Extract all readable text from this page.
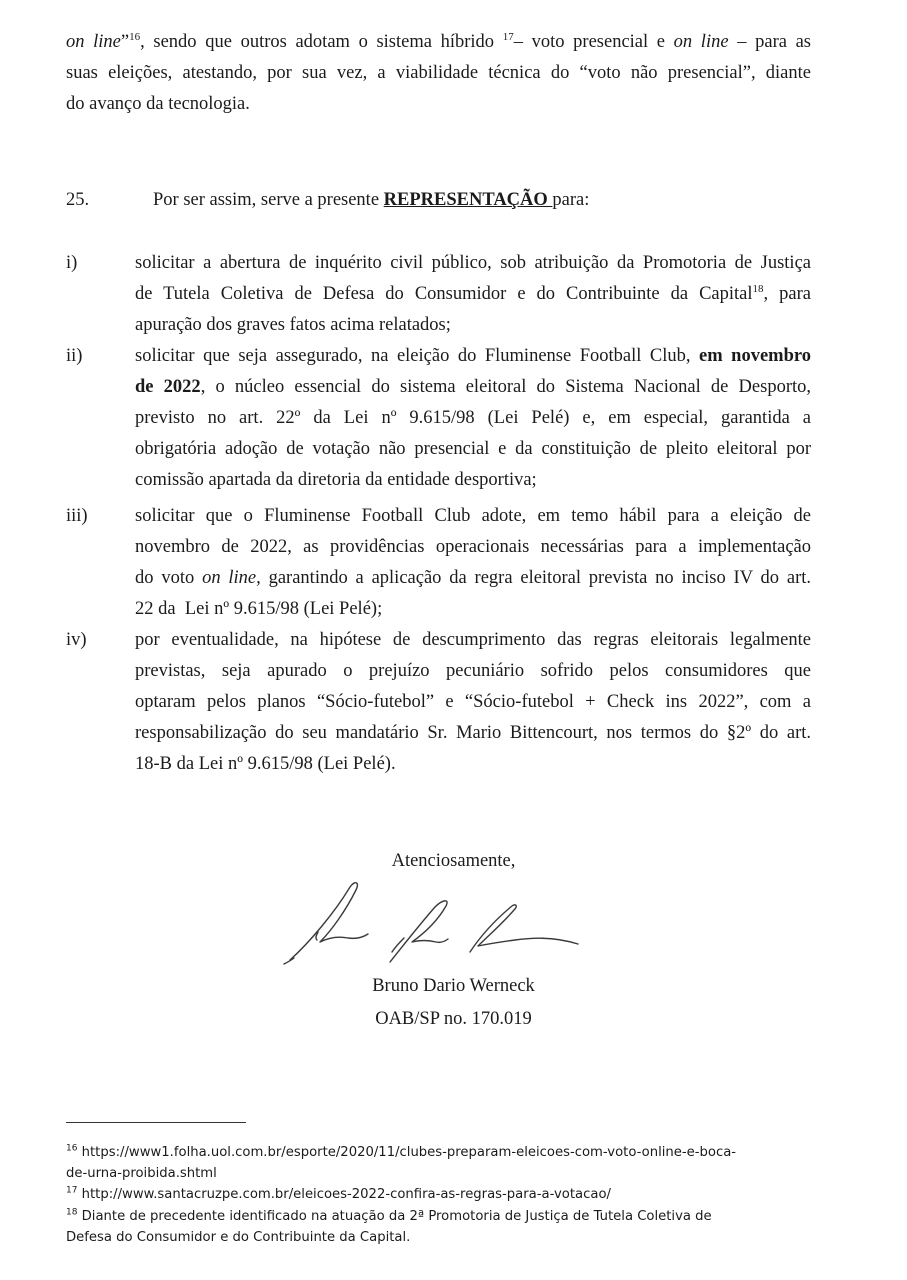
on line”$^{16}$, sendo que outros adotam o sistema híbrido $^{17}$– voto presencial e on line – para as
suas eleições, atestando, por sua vez, a viabilidade técnica do “voto não presencial”, diante
do avanço da tecnologia.
25.	Por ser assim, serve a presente REPRESENTAÇÃO para:
i)	solicitar a abertura de inquérito civil público, sob atribuição da Promotoria de Justiça
de Tutela Coletiva de Defesa do Consumidor e do Contribuinte da Capital$^{18}$, para
apuração dos graves fatos acima relatados;
ii)	solicitar que seja assegurado, na eleição do Fluminense Football Club, em novembro
de 2022, o núcleo essencial do sistema eleitoral do Sistema Nacional de Desporto,
previsto no art. 22º da Lei nº 9.615/98 (Lei Pelé) e, em especial, garantida a
obrigatória adoção de votação não presencial e da constituição de pleito eleitoral por
comissão apartada da diretoria da entidade desportiva;
iii)	solicitar que o Fluminense Football Club adote, em temo hábil para a eleição de
novembro de 2022, as providências operacionais necessárias para a implementação
do voto on line, garantindo a aplicação da regra eleitoral prevista no inciso IV do art.
22 da  Lei nº 9.615/98 (Lei Pelé);
iv)	por eventualidade, na hipótese de descumprimento das regras eleitorais legalmente
previstas, seja apurado o prejuízo pecuniário sofrido pelos consumidores que
optaram pelos planos “Sócio-futebol” e “Sócio-futebol + Check ins 2022”, com a
responsabilização do seu mandatário Sr. Mario Bittencourt, nos termos do §2º do art.
18-B da Lei nº 9.615/98 (Lei Pelé).
Atenciosamente,
Bruno Dario Werneck
OAB/SP no. 170.019
$^{16}$ https://www1.folha.uol.com.br/esporte/2020/11/clubes-preparam-eleicoes-com-voto-online-e-boca-
de-urna-proibida.shtml
$^{17}$ http://www.santacruzpe.com.br/eleicoes-2022-confira-as-regras-para-a-votacao/
$^{18}$ Diante de precedente identificado na atuação da 2ª Promotoria de Justiça de Tutela Coletiva de
Defesa do Consumidor e do Contribuinte da Capital.
